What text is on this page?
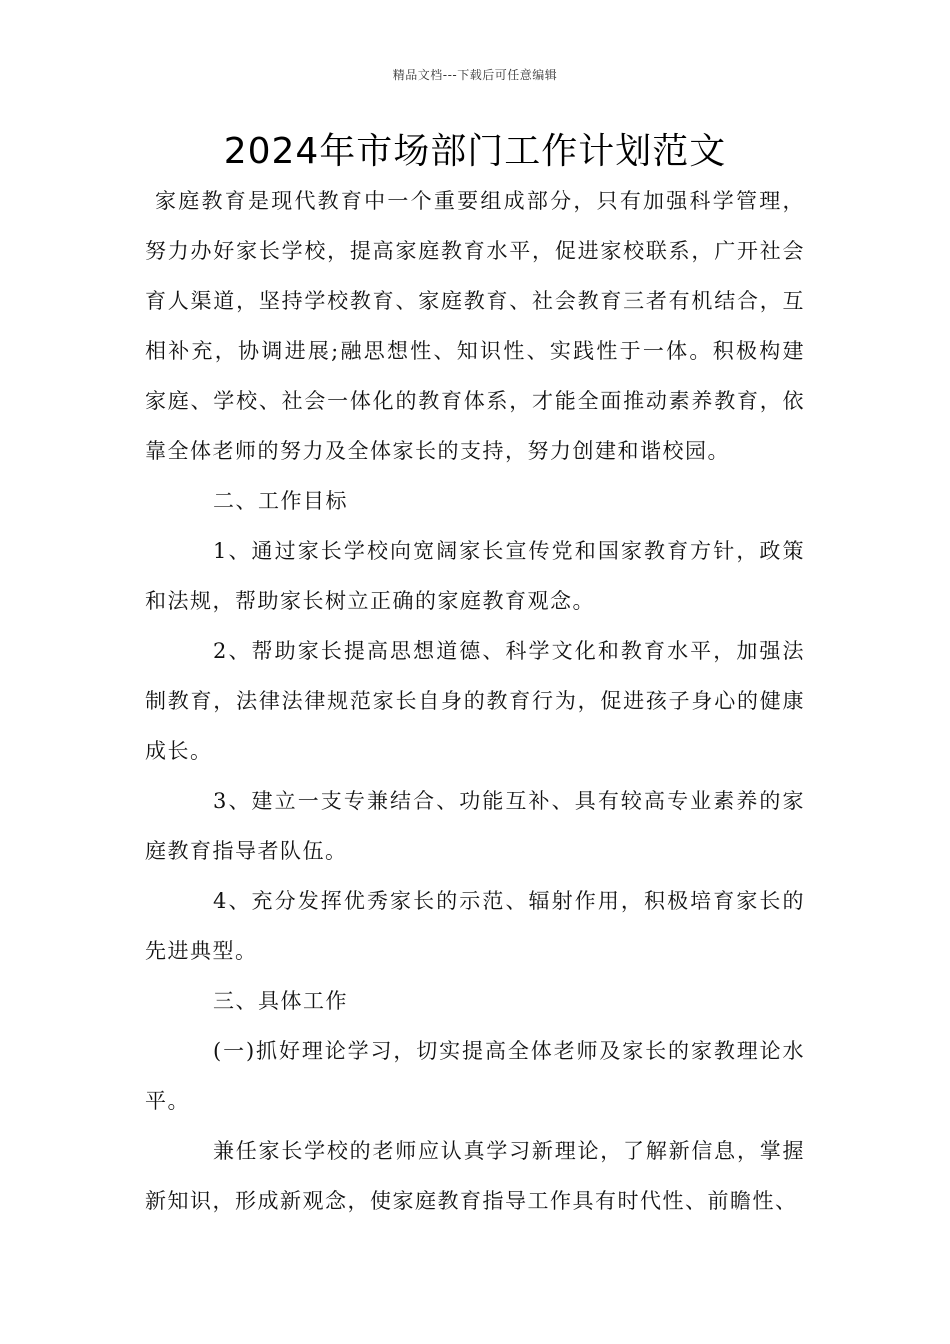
精品文档---下载后可任意编辑
2024年市场部门工作计划范文

家庭教育是现代教育中一个重要组成部分，只有加强科学管理，努力办好家长学校，提高家庭教育水平，促进家校联系，广开社会育人渠道，坚持学校教育、家庭教育、社会教育三者有机结合，互相补充，协调进展;融思想性、知识性、实践性于一体。积极构建家庭、学校、社会一体化的教育体系，才能全面推动素养教育，依靠全体老师的努力及全体家长的支持，努力创建和谐校园。

二、工作目标

1、通过家长学校向宽阔家长宣传党和国家教育方针，政策和法规，帮助家长树立正确的家庭教育观念。

2、帮助家长提高思想道德、科学文化和教育水平，加强法制教育，法律法律规范家长自身的教育行为，促进孩子身心的健康成长。

3、建立一支专兼结合、功能互补、具有较高专业素养的家庭教育指导者队伍。

4、充分发挥优秀家长的示范、辐射作用，积极培育家长的先进典型。

三、具体工作

(一)抓好理论学习，切实提高全体老师及家长的家教理论水平。

兼任家长学校的老师应认真学习新理论，了解新信息，掌握新知识，形成新观念，使家庭教育指导工作具有时代性、前瞻性、
